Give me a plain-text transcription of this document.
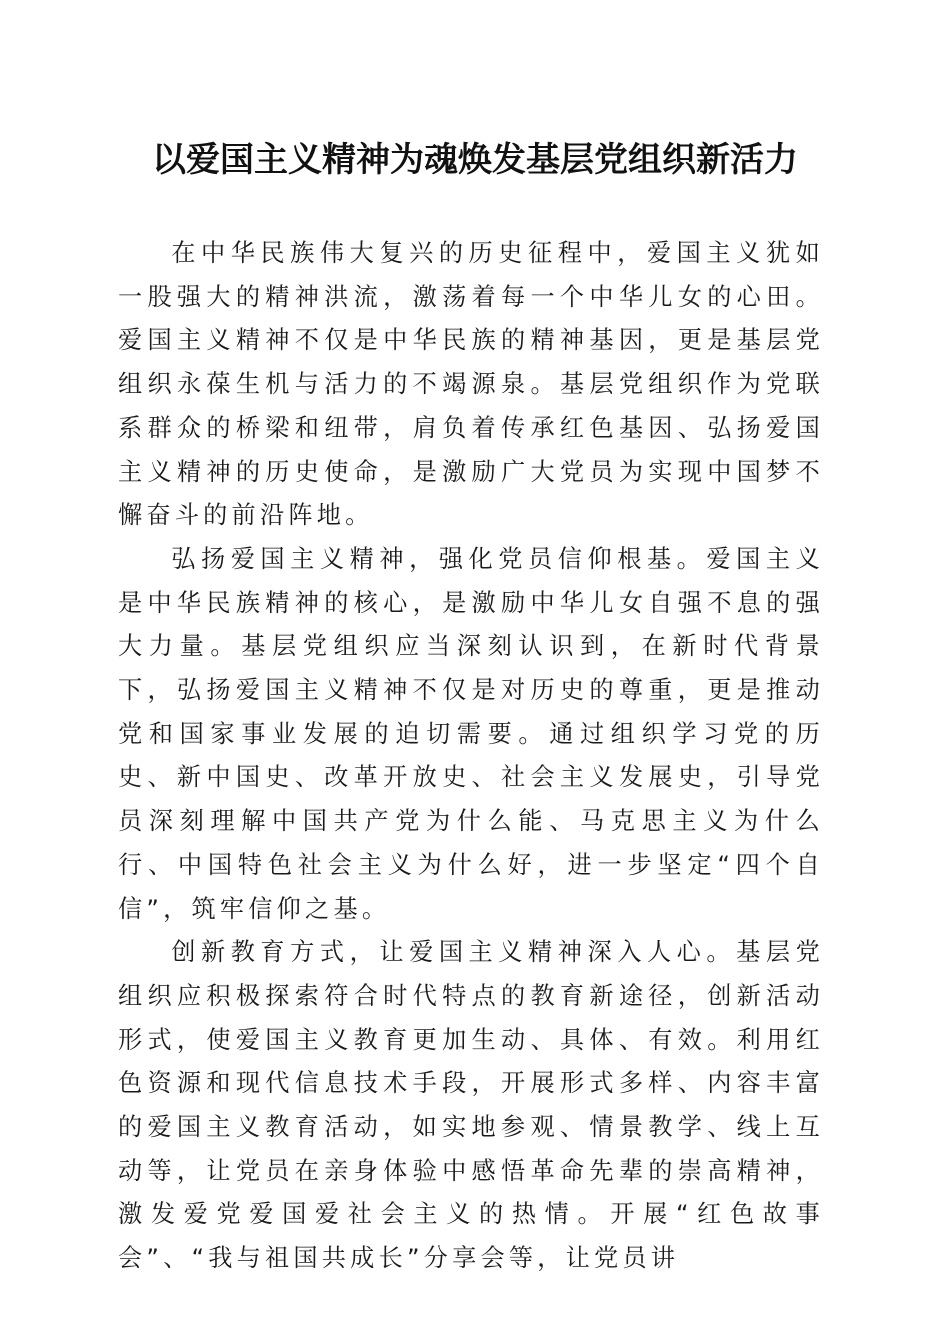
以爱国主义精神为魂焕发基层党组织新活力

在中华民族伟大复兴的历史征程中，爱国主义犹如一股强大的精神洪流，激荡着每一个中华儿女的心田。爱国主义精神不仅是中华民族的精神基因，更是基层党组织永葆生机与活力的不竭源泉。基层党组织作为党联系群众的桥梁和纽带，肩负着传承红色基因、弘扬爱国主义精神的历史使命，是激励广大党员为实现中国梦不懈奋斗的前沿阵地。

弘扬爱国主义精神，强化党员信仰根基。爱国主义是中华民族精神的核心，是激励中华儿女自强不息的强大力量。基层党组织应当深刻认识到，在新时代背景下，弘扬爱国主义精神不仅是对历史的尊重，更是推动党和国家事业发展的迫切需要。通过组织学习党的历史、新中国史、改革开放史、社会主义发展史，引导党员深刻理解中国共产党为什么能、马克思主义为什么行、中国特色社会主义为什么好，进一步坚定“四个自信”，筑牢信仰之基。

创新教育方式，让爱国主义精神深入人心。基层党组织应积极探索符合时代特点的教育新途径，创新活动形式，使爱国主义教育更加生动、具体、有效。利用红色资源和现代信息技术手段，开展形式多样、内容丰富的爱国主义教育活动，如实地参观、情景教学、线上互动等，让党员在亲身体验中感悟革命先辈的崇高精神，激发爱党爱国爱社会主义的热情。开展“红色故事会”、“我与祖国共成长”分享会等，让党员讲
